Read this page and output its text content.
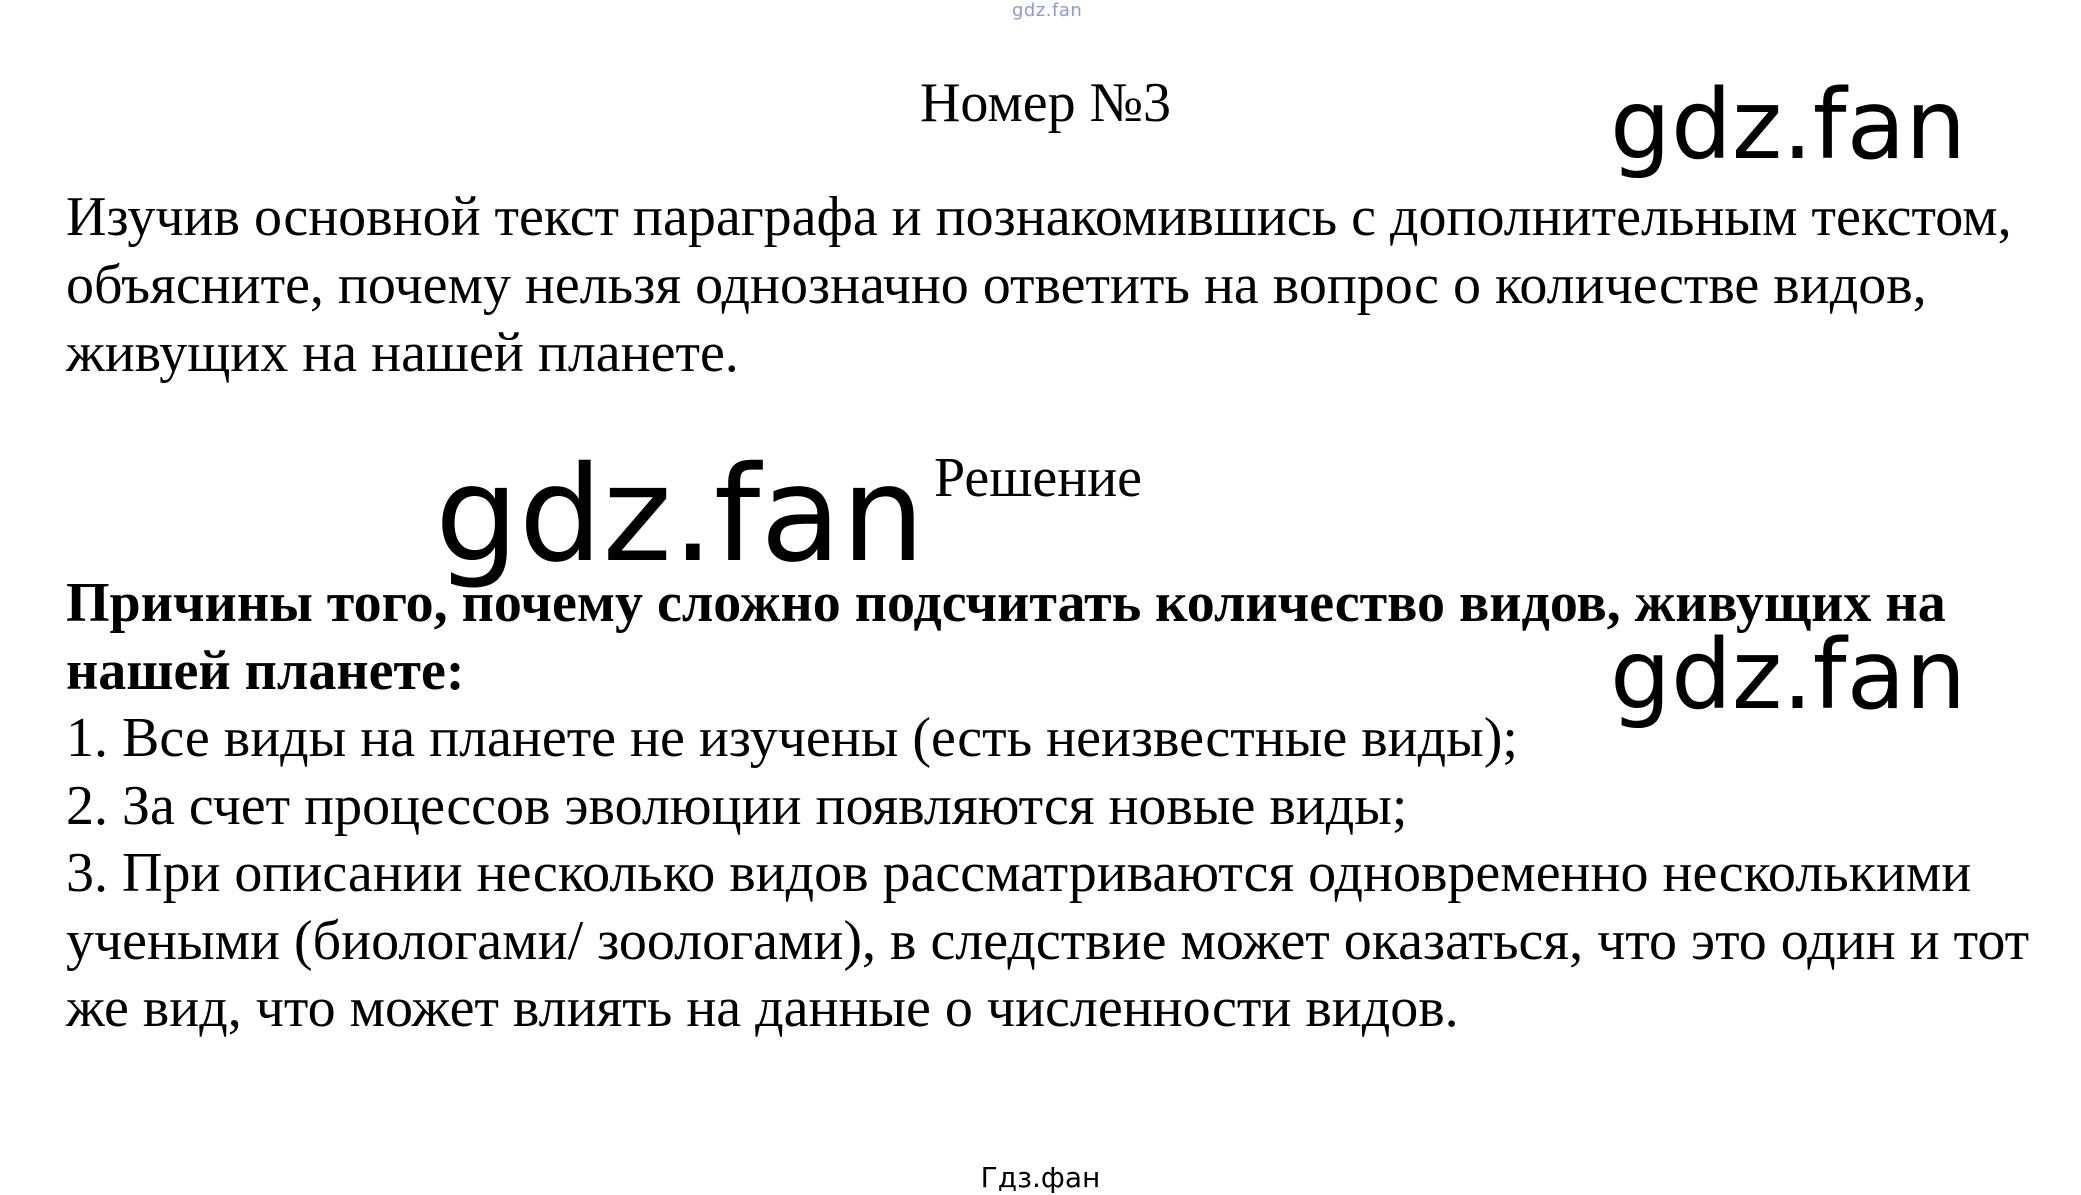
gdz.fan
Номер №3

Изучив основной текст параграфа и познакомившись с дополнительным текстом, объясните, почему нельзя однозначно ответить на вопрос о количестве видов, живущих на нашей планете.

Решение
Причины того, почему сложно подсчитать количество видов, живущих на нашей планете:
1. Все виды на планете не изучены (есть неизвестные виды);
2. За счет процессов эволюции появляются новые виды;
3. При описании несколько видов рассматриваются одновременно несколькими учеными (биологами/ зоологами), в следствие может оказаться, что это один и тот же вид, что может влиять на данные о численности видов.
gdz.fan
gdz.fan
gdz.fan
Гдз.фан
